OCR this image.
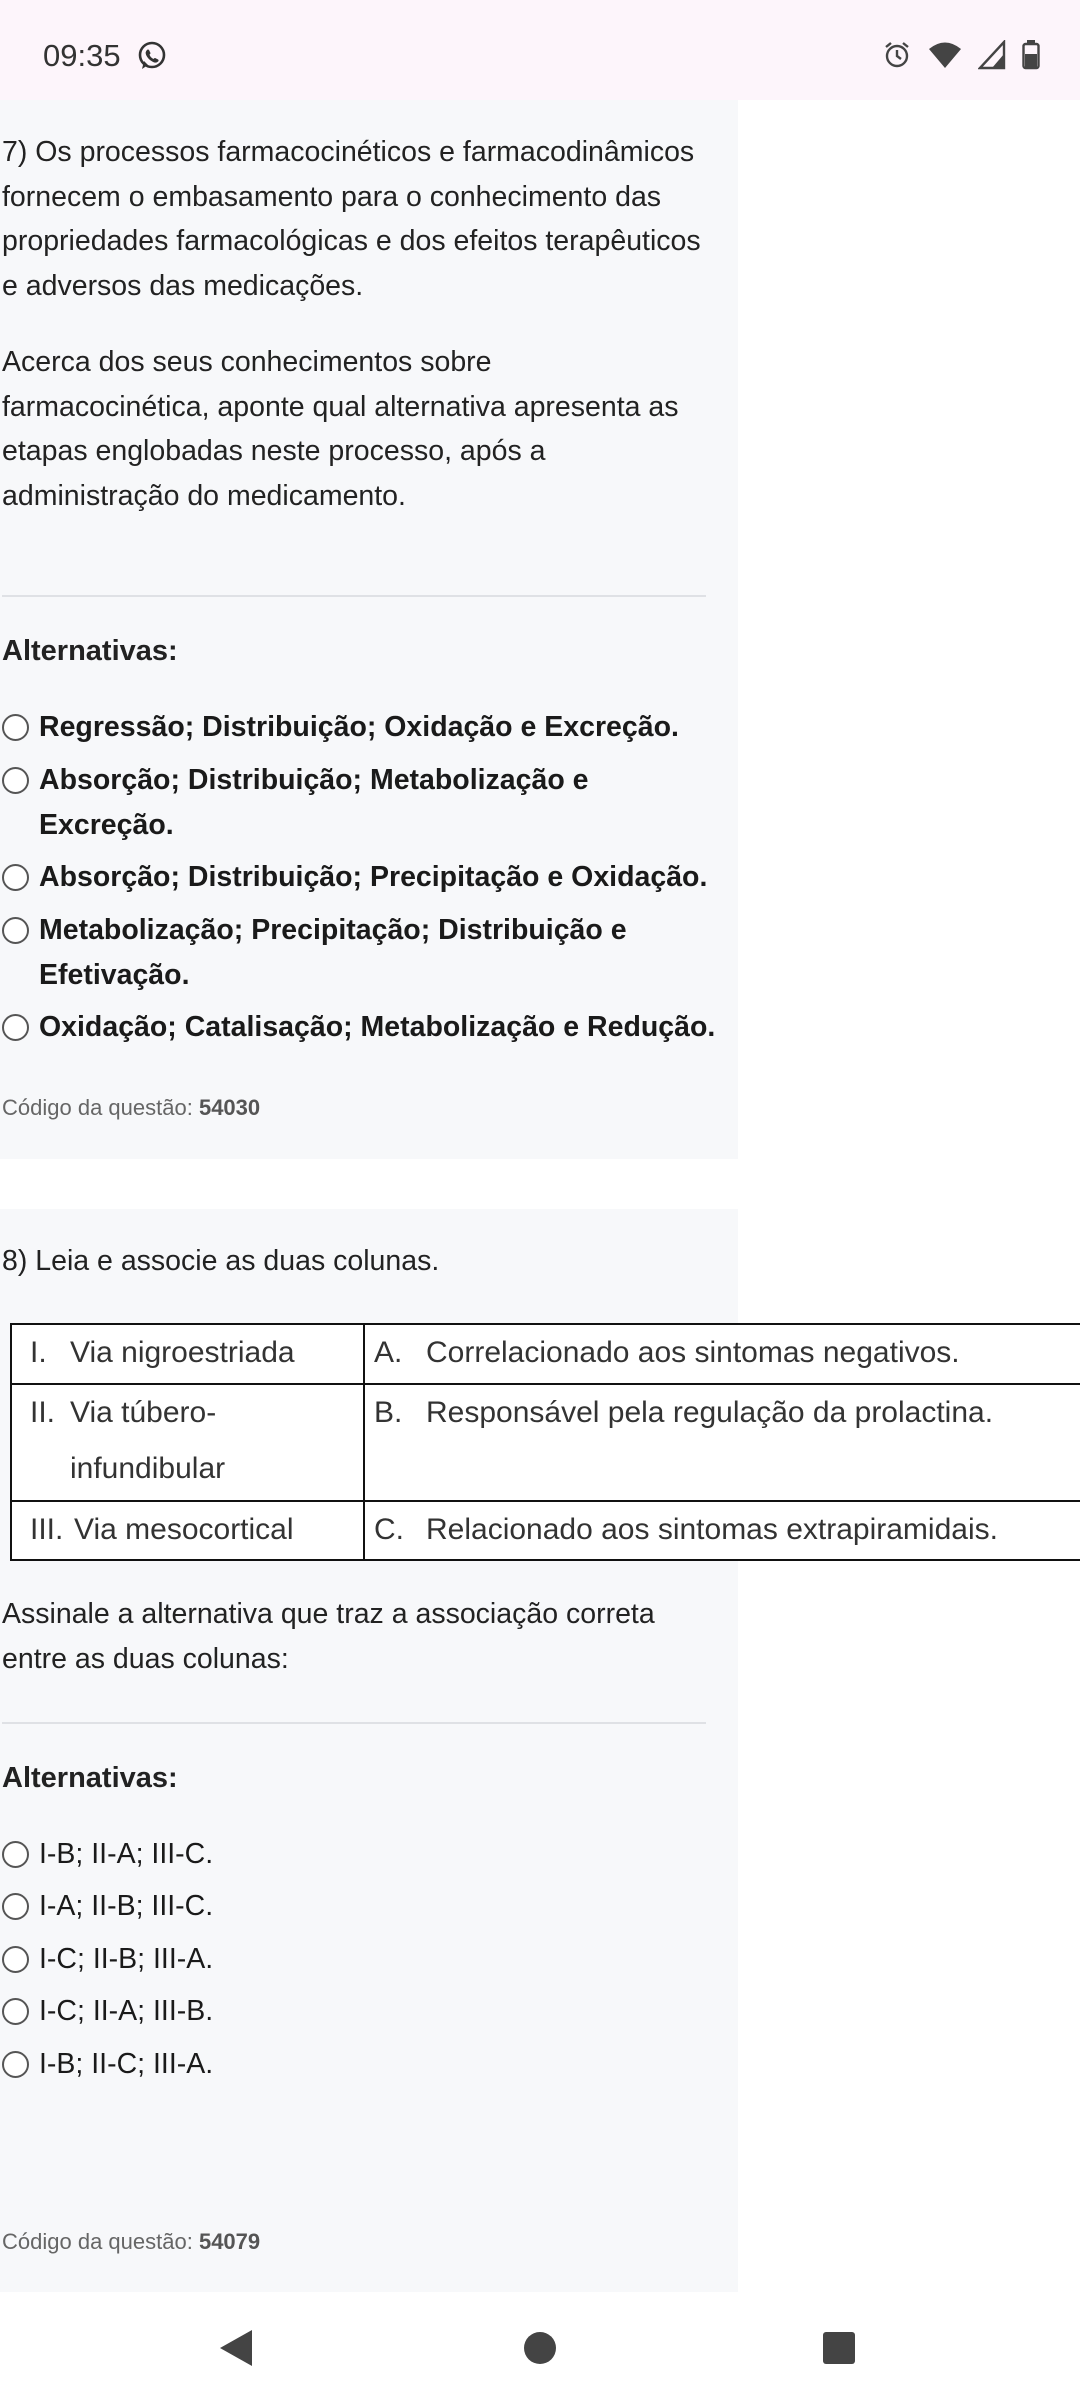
09:35

7) Os processos farmacocinéticos e farmacodinâmicos fornecem o embasamento para o conhecimento das propriedades farmacológicas e dos efeitos terapêuticos e adversos das medicações.

Acerca dos seus conhecimentos sobre farmacocinética, aponte qual alternativa apresenta as etapas englobadas neste processo, após a administração do medicamento.

Alternativas:
Regressão; Distribuição; Oxidação e Excreção.
Absorção; Distribuição; Metabolização e Excreção.
Absorção; Distribuição; Precipitação e Oxidação.
Metabolização; Precipitação; Distribuição e Efetivação.
Oxidação; Catalisação; Metabolização e Redução.
Código da questão: 54030
8) Leia e associe as duas colunas.
Assinale a alternativa que traz a associação correta entre as duas colunas:
Alternativas:
I-B; II-A; III-C.
I-A; II-B; III-C.
I-C; II-B; III-A.
I-C; II-A; III-B.
I-B; II-C; III-A.
Código da questão: 54079
I. Via nigroestriada
II. Via túbero-
infundibular
III. Via mesocortical
A. Correlacionado aos sintomas negativos.
B. Responsável pela regulação da prolactina.
C. Relacionado aos sintomas extrapiramidais.
